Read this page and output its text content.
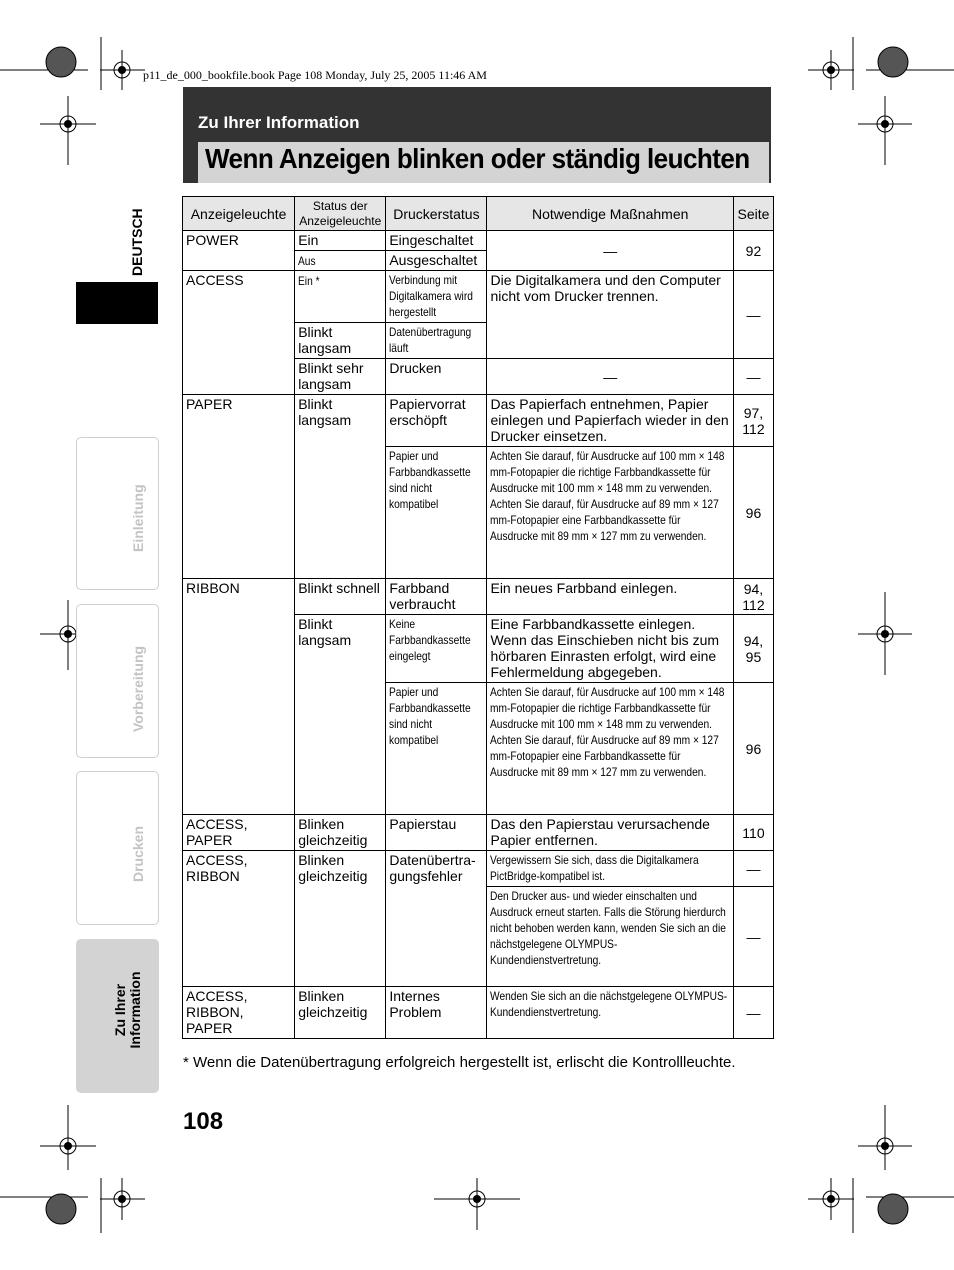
p11_de_000_bookfile.book Page 108 Monday, July 25, 2005 11:46 AM
Zu Ihrer Information
Wenn Anzeigen blinken oder ständig leuchten
DEUTSCH
Einleitung
Vorbereitung
Drucken
Zu Ihrer Information
Anzeigeleuchte	Status der Anzeigeleuchte	Druckerstatus	Notwendige Maßnahmen	Seite
POWER	Ein	Eingeschaltet	—	92
	Aus	Ausgeschaltet		
ACCESS	Ein *	Verbindung mit Digitalkamera wird hergestellt	Die Digitalkamera und den Computer nicht vom Drucker trennen.	—
	Blinkt langsam	Datenübertragung läuft		
	Blinkt sehr langsam	Drucken	—	—
PAPER	Blinkt langsam	Papiervorrat erschöpft	Das Papierfach entnehmen, Papier einlegen und Papierfach wieder in den Drucker einsetzen.	97, 112
		Papier und Farbbandkassette sind nicht kompatibel	Achten Sie darauf, für Ausdrucke auf 100 mm × 148 mm-Fotopapier die richtige Farbbandkassette für Ausdrucke mit 100 mm × 148 mm zu verwenden. Achten Sie darauf, für Ausdrucke auf 89 mm × 127 mm-Fotopapier eine Farbbandkassette für Ausdrucke mit 89 mm × 127 mm zu verwenden.	96
RIBBON	Blinkt schnell	Farbband verbraucht	Ein neues Farbband einlegen.	94, 112
	Blinkt langsam	Keine Farbbandkassette eingelegt	Eine Farbbandkassette einlegen. Wenn das Einschieben nicht bis zum hörbaren Einrasten erfolgt, wird eine Fehlermeldung abgegeben.	94, 95
		Papier und Farbbandkassette sind nicht kompatibel	Achten Sie darauf, für Ausdrucke auf 100 mm × 148 mm-Fotopapier die richtige Farbbandkassette für Ausdrucke mit 100 mm × 148 mm zu verwenden. Achten Sie darauf, für Ausdrucke auf 89 mm × 127 mm-Fotopapier eine Farbbandkassette für Ausdrucke mit 89 mm × 127 mm zu verwenden.	96
ACCESS, PAPER	Blinken gleichzeitig	Papierstau	Das den Papierstau verursachende Papier entfernen.	110
ACCESS, RIBBON	Blinken gleichzeitig	Datenübertra-gungsfehler	Vergewissern Sie sich, dass die Digitalkamera PictBridge-kompatibel ist.	—
			Den Drucker aus- und wieder einschalten und Ausdruck erneut starten. Falls die Störung hierdurch nicht behoben werden kann, wenden Sie sich an die nächstgelegene OLYMPUS-Kundendienstvertretung.	—
ACCESS, RIBBON, PAPER	Blinken gleichzeitig	Internes Problem	Wenden Sie sich an die nächstgelegene OLYMPUS-Kundendienstvertretung.	—
* Wenn die Datenübertragung erfolgreich hergestellt ist, erlischt die Kontrollleuchte.
108
